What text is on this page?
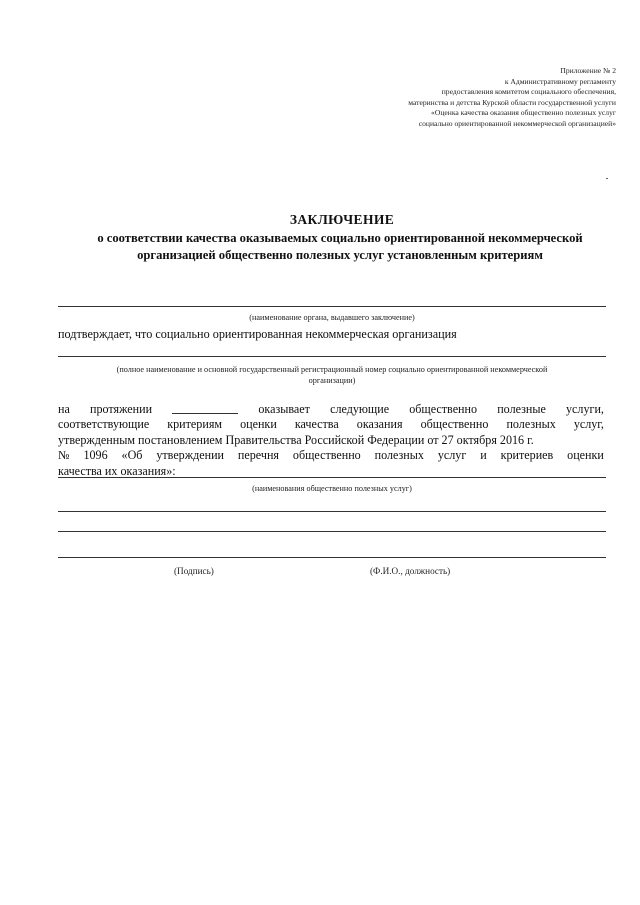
Приложение № 2
к Административному регламенту
предоставления комитетом социального обеспечения,
материнства и детства Курской области государственной услуги
«Оценка качества оказания общественно полезных услуг
социально ориентированной некоммерческой организацией»
ЗАКЛЮЧЕНИЕ
о соответствии качества оказываемых социально ориентированной некоммерческой
организацией общественно полезных услуг установленным критериям
(наименование органа, выдавшего заключение)
подтверждает, что социально ориентированная некоммерческая организация
(полное наименование и основной государственный регистрационный номер социально ориентированной некоммерческой
организации)
на протяжении	оказывает следующие общественно полезные услуги,
соответствующие критериям оценки качества оказания общественно полезных услуг,
утвержденным постановлением Правительства Российской Федерации от 27 октября 2016 г.
№ 1096 «Об утверждении перечня общественно полезных услуг и критериев оценки
качества их оказания»:
(наименования общественно полезных услуг)
(Подпись)	(Ф.И.О., должность)
